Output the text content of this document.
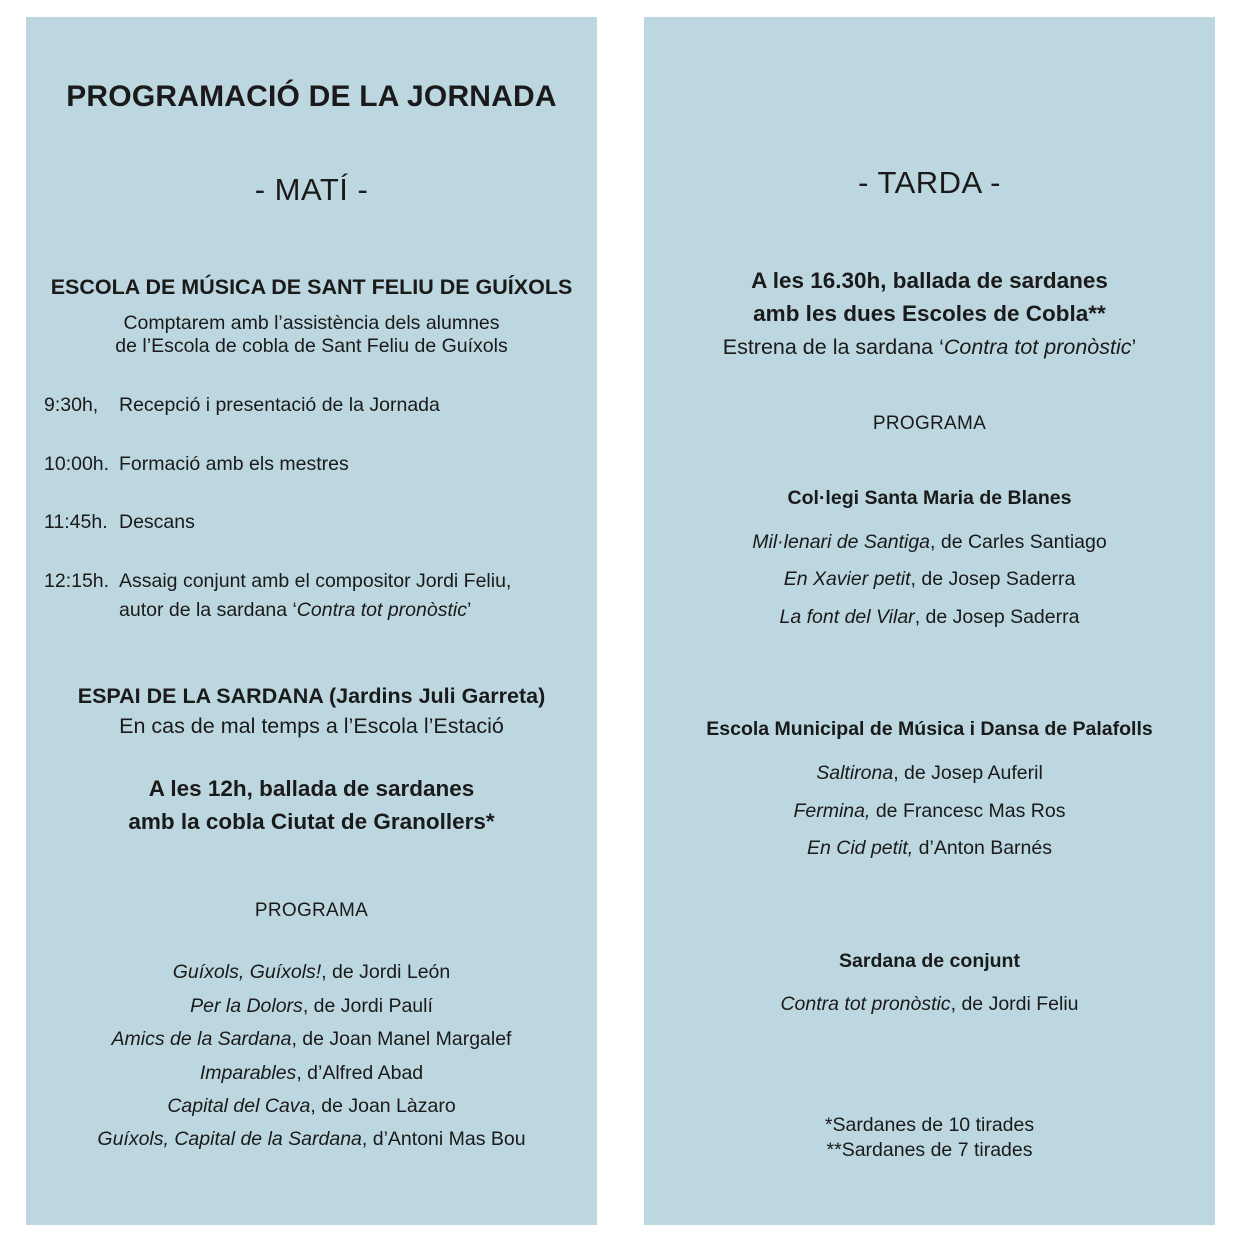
PROGRAMACIÓ DE LA JORNADA
- MATÍ -
ESCOLA DE MÚSICA DE SANT FELIU DE GUÍXOLS
Comptarem amb l’assistència dels alumnes
de l’Escola de cobla de Sant Feliu de Guíxols
9:30h, Recepció i presentació de la Jornada
10:00h. Formació amb els mestres
11:45h. Descans
12:15h. Assaig conjunt amb el compositor Jordi Feliu,
autor de la sardana ‘Contra tot pronòstic’
ESPAI DE LA SARDANA (Jardins Juli Garreta)
En cas de mal temps a l’Escola l’Estació
A les 12h, ballada de sardanes
amb la cobla Ciutat de Granollers*
PROGRAMA
Guíxols, Guíxols!, de Jordi León
Per la Dolors, de Jordi Paulí
Amics de la Sardana, de Joan Manel Margalef
Imparables, d’Alfred Abad
Capital del Cava, de Joan Làzaro
Guíxols, Capital de la Sardana, d’Antoni Mas Bou
- TARDA -
A les 16.30h, ballada de sardanes
amb les dues Escoles de Cobla**
Estrena de la sardana ‘Contra tot pronòstic’
PROGRAMA
Col·legi Santa Maria de Blanes
Mil·lenari de Santiga, de Carles Santiago
En Xavier petit, de Josep Saderra
La font del Vilar, de Josep Saderra
Escola Municipal de Música i Dansa de Palafolls
Saltirona, de Josep Auferil
Fermina, de Francesc Mas Ros
En Cid petit, d’Anton Barnés
Sardana de conjunt
Contra tot pronòstic, de Jordi Feliu
*Sardanes de 10 tirades
**Sardanes de 7 tirades
